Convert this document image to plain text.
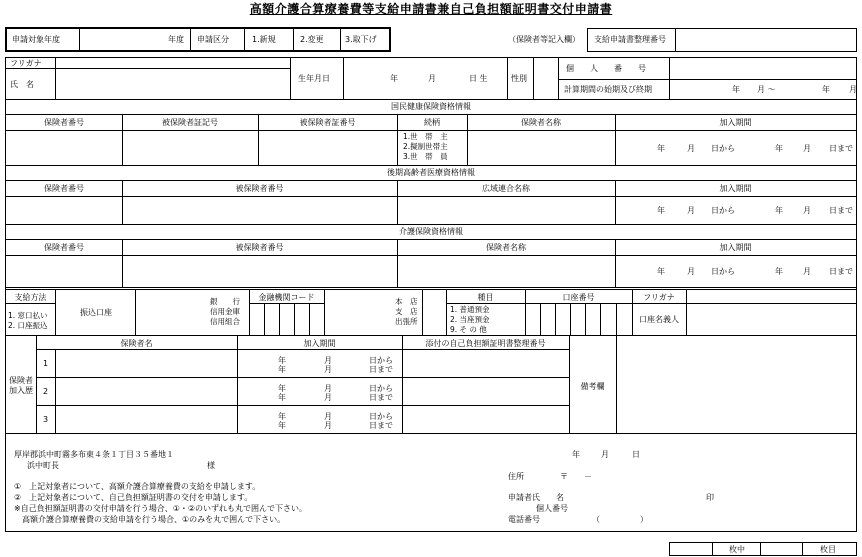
高額介護合算療養費等支給申請書兼自己負担額証明書交付申請書
申請対象年度	年度 申請区分	1.新規	2.変更	3.取下げ	（保険者等記入欄） 支給申請書整理番号
フリガナ
氏　名
生年月日	年	月	日 生	性別
個　　人　　番　　号
計算期間の始期及び終期	年 月 ～	年 月
国民健康保険資格情報
保険者番号	被保険者証記号	被保険者証番号	続柄	保険者名称	加入期間
1.世　帯　主
2.擬制世帯主
3.世　帯　員
年	月 日から	年	月 日まで
後期高齢者医療資格情報
保険者番号	被保険者番号	広域連合名称	加入期間
年	月 日から	年	月 日まで
介護保険資格情報
保険者番号	被保険者番号	保険者名称	加入期間
年	月 日から	年	月 日まで
支給方法
1. 窓口払い
2. 口座振込
振込口座
銀　　行
信用金庫
信用組合
金融機関コード	本　店
支　店
出張所
種目
1. 普通預金
2. 当座預金
9. そ の 他
口座番号	フリガナ
口座名義人
保険者
加入歴
保険者名	加入期間	添付の自己負担額証明書整理番号
備考欄
1	年	月	日から
年	月	日まで
2	年	月	日から
年	月	日まで
3	年	月	日から
年	月	日まで
厚岸郡浜中町霧多布東４条１丁目３５番地１
浜中町長	様
年	月	日
住所	〒　　－
①　上記対象者について、高額介護合算療養費の支給を申請します。
②　上記対象者について、自己負担額証明書の交付を申請します。
※自己負担額証明書の交付申請を行う場合、①・②のいずれも丸で囲んで下さい。
　高額介護合算療養費の支給申請を行う場合、①のみを丸で囲んで下さい。
申請者氏　　名	印
個人番号
電話番号	（　　　　　）
枚中	枚目
